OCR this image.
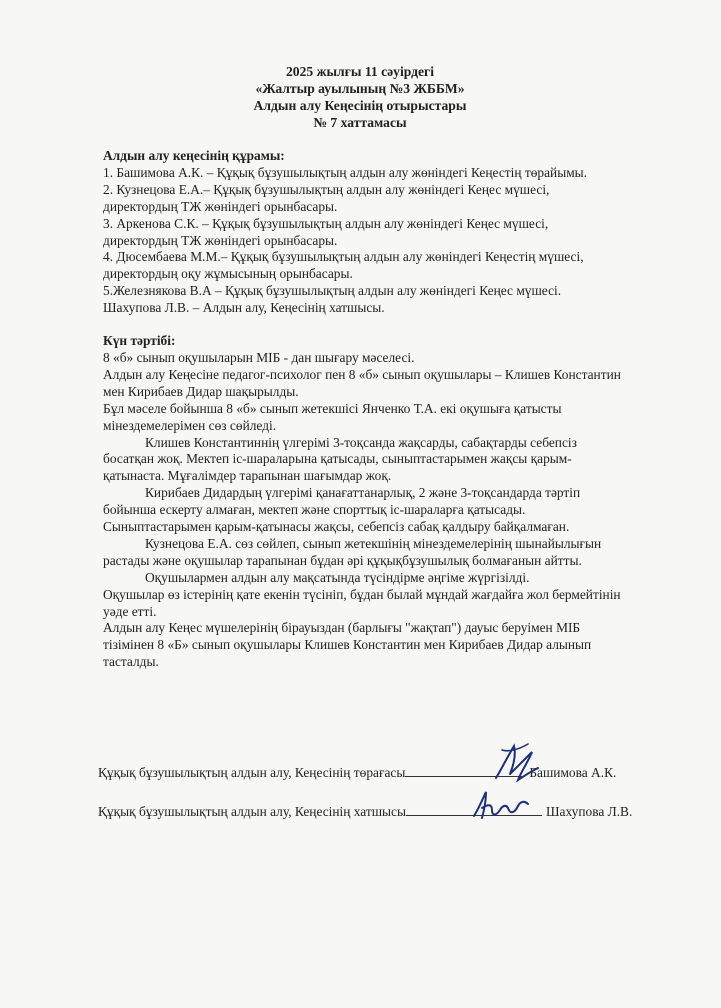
2025 жылғы 11 сәуірдегі
«Жалтыр ауылының №3 ЖББМ»
Алдын алу Кеңесінің отырыстары
№ 7 хаттамасы
Алдын алу кеңесінің құрамы:
1. Башимова А.К. – Құқық бұзушылықтың алдын алу жөніндегі Кеңестің төрайымы.
2. Кузнецова Е.А.– Құқық бұзушылықтың алдын алу жөніндегі Кеңес мүшесі,
директордың ТЖ жөніндегі орынбасары.
3. Аркенова С.К. – Құқық бұзушылықтың алдын алу жөніндегі Кеңес мүшесі,
директордың ТЖ жөніндегі орынбасары.
4. Дюсембаева М.М.– Құқық бұзушылықтың алдын алу жөніндегі Кеңестің мүшесі,
директордың оқу жұмысының орынбасары.
5.Железнякова В.А – Құқық бұзушылықтың алдын алу жөніндегі Кеңес мүшесі.
Шахупова Л.В. – Алдын алу, Кеңесінің хатшысы.
Күн тәртібі:
8 «б» сынып оқушыларын МІБ - дан шығару мәселесі.
Алдын алу Кеңесіне педагог-психолог пен 8 «б» сынып оқушылары – Клишев Константин
мен Кирибаев Дидар шақырылды.
Бұл мәселе бойынша 8 «б» сынып жетекшісі Янченко Т.А. екі оқушыға қатысты
мінездемелерімен сөз сөйледі.
Клишев Константиннің үлгерімі 3-тоқсанда жақсарды, сабақтарды себепсіз
босатқан жоқ. Мектеп іс-шараларына қатысады, сыныптастарымен жақсы қарым-
қатынаста. Мұғалімдер тарапынан шағымдар жоқ.
Кирибаев Дидардың үлгерімі қанағаттанарлық, 2 және 3-тоқсандарда тәртіп
бойынша ескерту алмаған, мектеп және спорттық іс-шараларға қатысады.
Сыныптастарымен қарым-қатынасы жақсы, себепсіз сабақ қалдыру байқалмаған.
Кузнецова Е.А. сөз сөйлеп, сынып жетекшінің мінездемелерінің шынайылығын
растады және оқушылар тарапынан бұдан әрі құқықбұзушылық болмағанын айтты.
Оқушылармен алдын алу мақсатында түсіндірме әңгіме жүргізілді.
Оқушылар өз істерінің қате екенін түсініп, бұдан былай мұндай жағдайға жол бермейтінін
уәде етті.
Алдын алу Кеңес мүшелерінің бірауыздан (барлығы "жақтап") дауыс беруімен МІБ
тізімінен 8 «Б» сынып оқушылары Клишев Константин мен Кирибаев Дидар алынып
тасталды.
Құқық бұзушылықтың алдын алу, Кеңесінің төрағасы	Башимова А.К.
Құқық бұзушылықтың алдын алу, Кеңесінің хатшысы	Шахупова Л.В.
